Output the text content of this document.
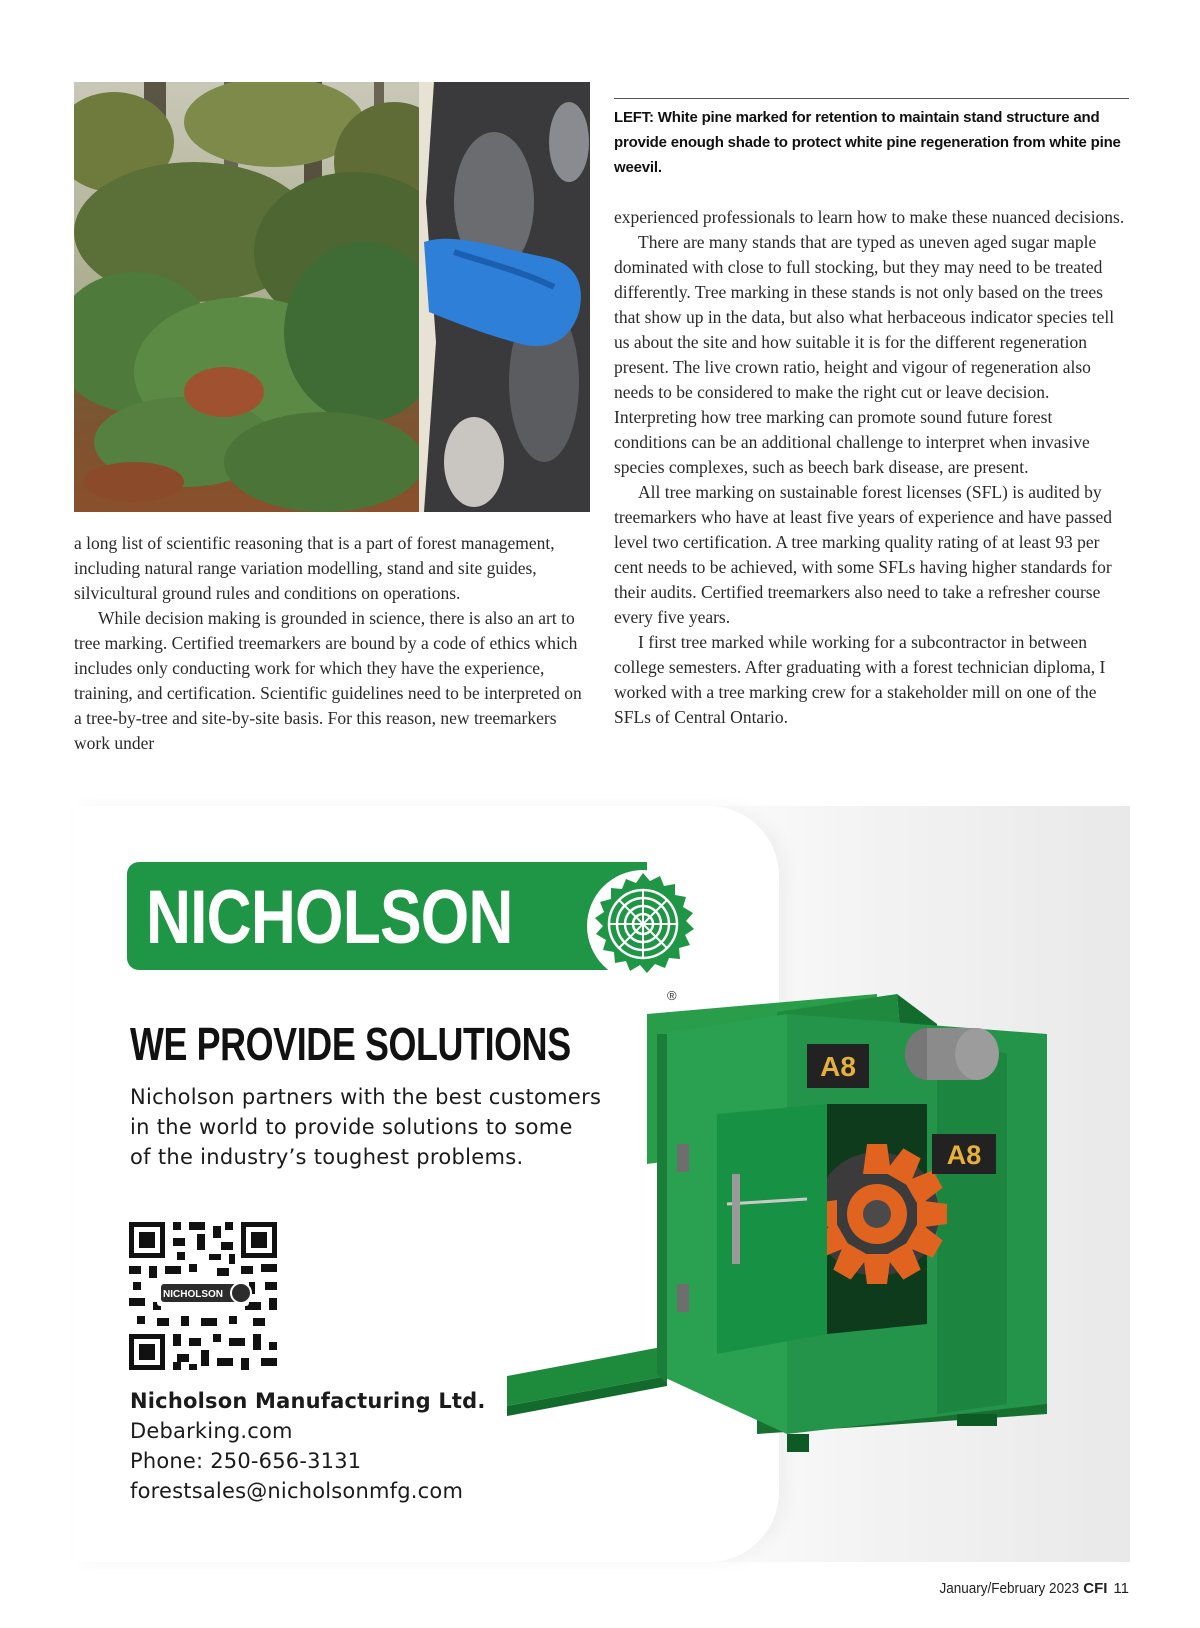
LEFT: White pine marked for retention to maintain stand structure and provide enough shade to protect white pine regeneration from white pine weevil.

a long list of scientific reasoning that is a part of forest management, including natural range variation modelling, stand and site guides, silvicultural ground rules and conditions on operations.

While decision making is grounded in science, there is also an art to tree marking. Certified treemarkers are bound by a code of ethics which includes only conducting work for which they have the experience, training, and certification. Scientific guidelines need to be interpreted on a tree-by-tree and site-by-site basis. For this reason, new treemarkers work under

experienced professionals to learn how to make these nuanced decisions.

There are many stands that are typed as uneven aged sugar maple dominated with close to full stocking, but they may need to be treated differently. Tree marking in these stands is not only based on the trees that show up in the data, but also what herbaceous indicator species tell us about the site and how suitable it is for the different regeneration present. The live crown ratio, height and vigour of regeneration also needs to be considered to make the right cut or leave decision. Interpreting how tree marking can promote sound future forest conditions can be an additional challenge to interpret when invasive species complexes, such as beech bark disease, are present.

All tree marking on sustainable forest licenses (SFL) is audited by treemarkers who have at least five years of experience and have passed level two certification. A tree marking quality rating of at least 93 per cent needs to be achieved, with some SFLs having higher standards for their audits. Certified treemarkers also need to take a refresher course every five years.

I first tree marked while working for a subcontractor in between college semesters. After graduating with a forest technician diploma, I worked with a tree marking crew for a stakeholder mill on one of the SFLs of Central Ontario.

NICHOLSON
®
WE PROVIDE SOLUTIONS
Nicholson partners with the best customers
in the world to provide solutions to some
of the industry’s toughest problems.
NICHOLSON
Nicholson Manufacturing Ltd.
Debarking.com
Phone: 250-656-3131
forestsales@nicholsonmfg.com
A8
A8
January/February 2023 CFI 11
